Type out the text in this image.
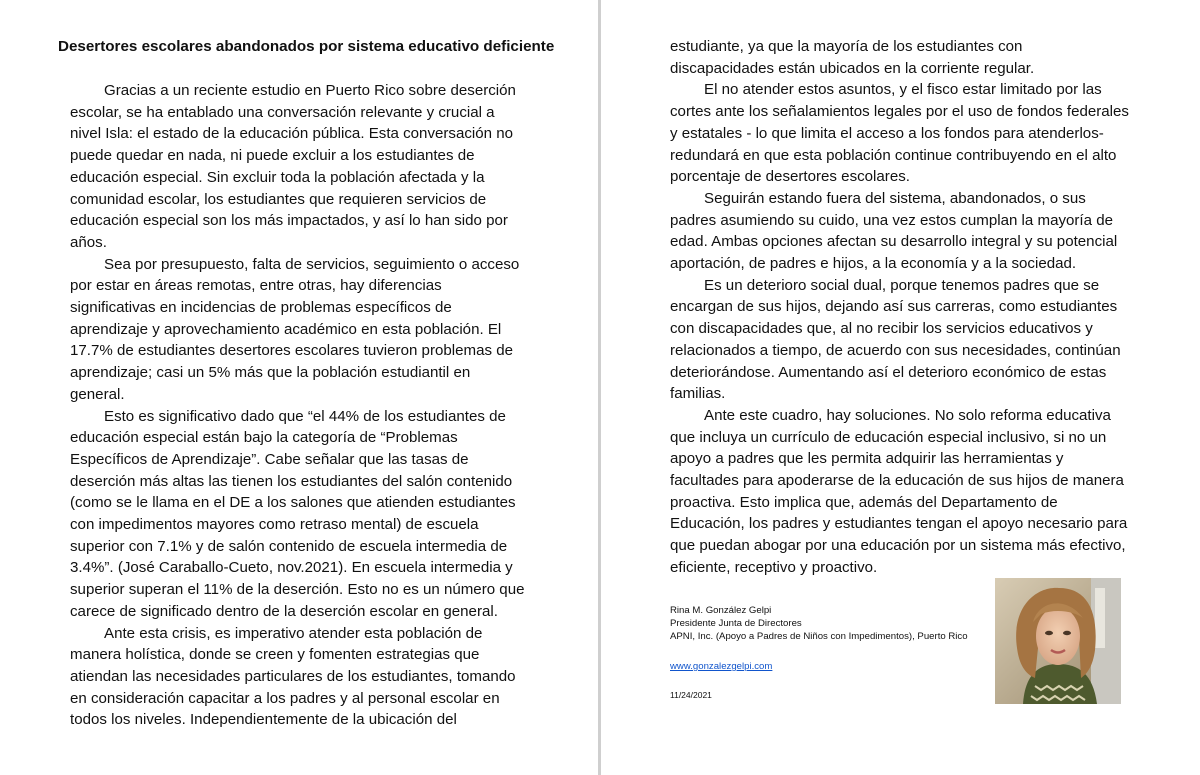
Desertores escolares abandonados por sistema educativo deficiente

Gracias a un reciente estudio en Puerto Rico sobre deserción escolar, se ha entablado una conversación relevante y crucial a nivel Isla: el estado de la educación pública. Esta conversación no puede quedar en nada, ni puede excluir a los estudiantes de educación especial. Sin excluir toda la población afectada y la comunidad escolar, los estudiantes que requieren servicios de educación especial son los más impactados, y así lo han sido por años.

Sea por presupuesto, falta de servicios, seguimiento o acceso por estar en áreas remotas, entre otras, hay diferencias significativas en incidencias de problemas específicos de aprendizaje y aprovechamiento académico en esta población. El 17.7% de estudiantes desertores escolares tuvieron problemas de aprendizaje; casi un 5% más que la población estudiantil en general.

Esto es significativo dado que “el 44% de los estudiantes de educación especial están bajo la categoría de “Problemas Específicos de Aprendizaje”. Cabe señalar que las tasas de deserción más altas las tienen los estudiantes del salón contenido (como se le llama en el DE a los salones que atienden estudiantes con impedimentos mayores como retraso mental) de escuela superior con 7.1% y de salón contenido de escuela intermedia de 3.4%”. (José Caraballo-Cueto, nov.2021). En escuela intermedia y superior superan el 11% de la deserción. Esto no es un número que carece de significado dentro de la deserción escolar en general.

Ante esta crisis, es imperativo atender esta población de manera holística, donde se creen y fomenten estrategias que atiendan las necesidades particulares de los estudiantes, tomando en consideración capacitar a los padres y al personal escolar en todos los niveles. Independientemente de la ubicación del

estudiante, ya que la mayoría de los estudiantes con discapacidades están ubicados en la corriente regular.

El no atender estos asuntos, y el fisco estar limitado por las cortes ante los señalamientos legales por el uso de fondos federales y estatales - lo que limita el acceso a los fondos para atenderlos- redundará en que esta población continue contribuyendo en el alto porcentaje de desertores escolares.

Seguirán estando fuera del sistema, abandonados, o sus padres asumiendo su cuido, una vez estos cumplan la mayoría de edad. Ambas opciones afectan su desarrollo integral y su potencial aportación, de padres e hijos, a la economía y a la sociedad.

Es un deterioro social dual, porque tenemos padres que se encargan de sus hijos, dejando así sus carreras, como estudiantes con discapacidades que, al no recibir los servicios educativos y relacionados a tiempo, de acuerdo con sus necesidades, continúan deteriorándose. Aumentando así el deterioro económico de estas familias.

Ante este cuadro, hay soluciones. No solo reforma educativa que incluya un currículo de educación especial inclusivo, si no un apoyo a padres que les permita adquirir las herramientas y facultades para apoderarse de la educación de sus hijos de manera proactiva. Esto implica que, además del Departamento de Educación, los padres y estudiantes tengan el apoyo necesario para que puedan abogar por una educación por un sistema más efectivo, eficiente, receptivo y proactivo.

Rina M. González Gelpi
Presidente Junta de Directores
APNI, Inc. (Apoyo a Padres de Niños con Impedimentos), Puerto Rico
www.gonzalezgelpi.com
11/24/2021
